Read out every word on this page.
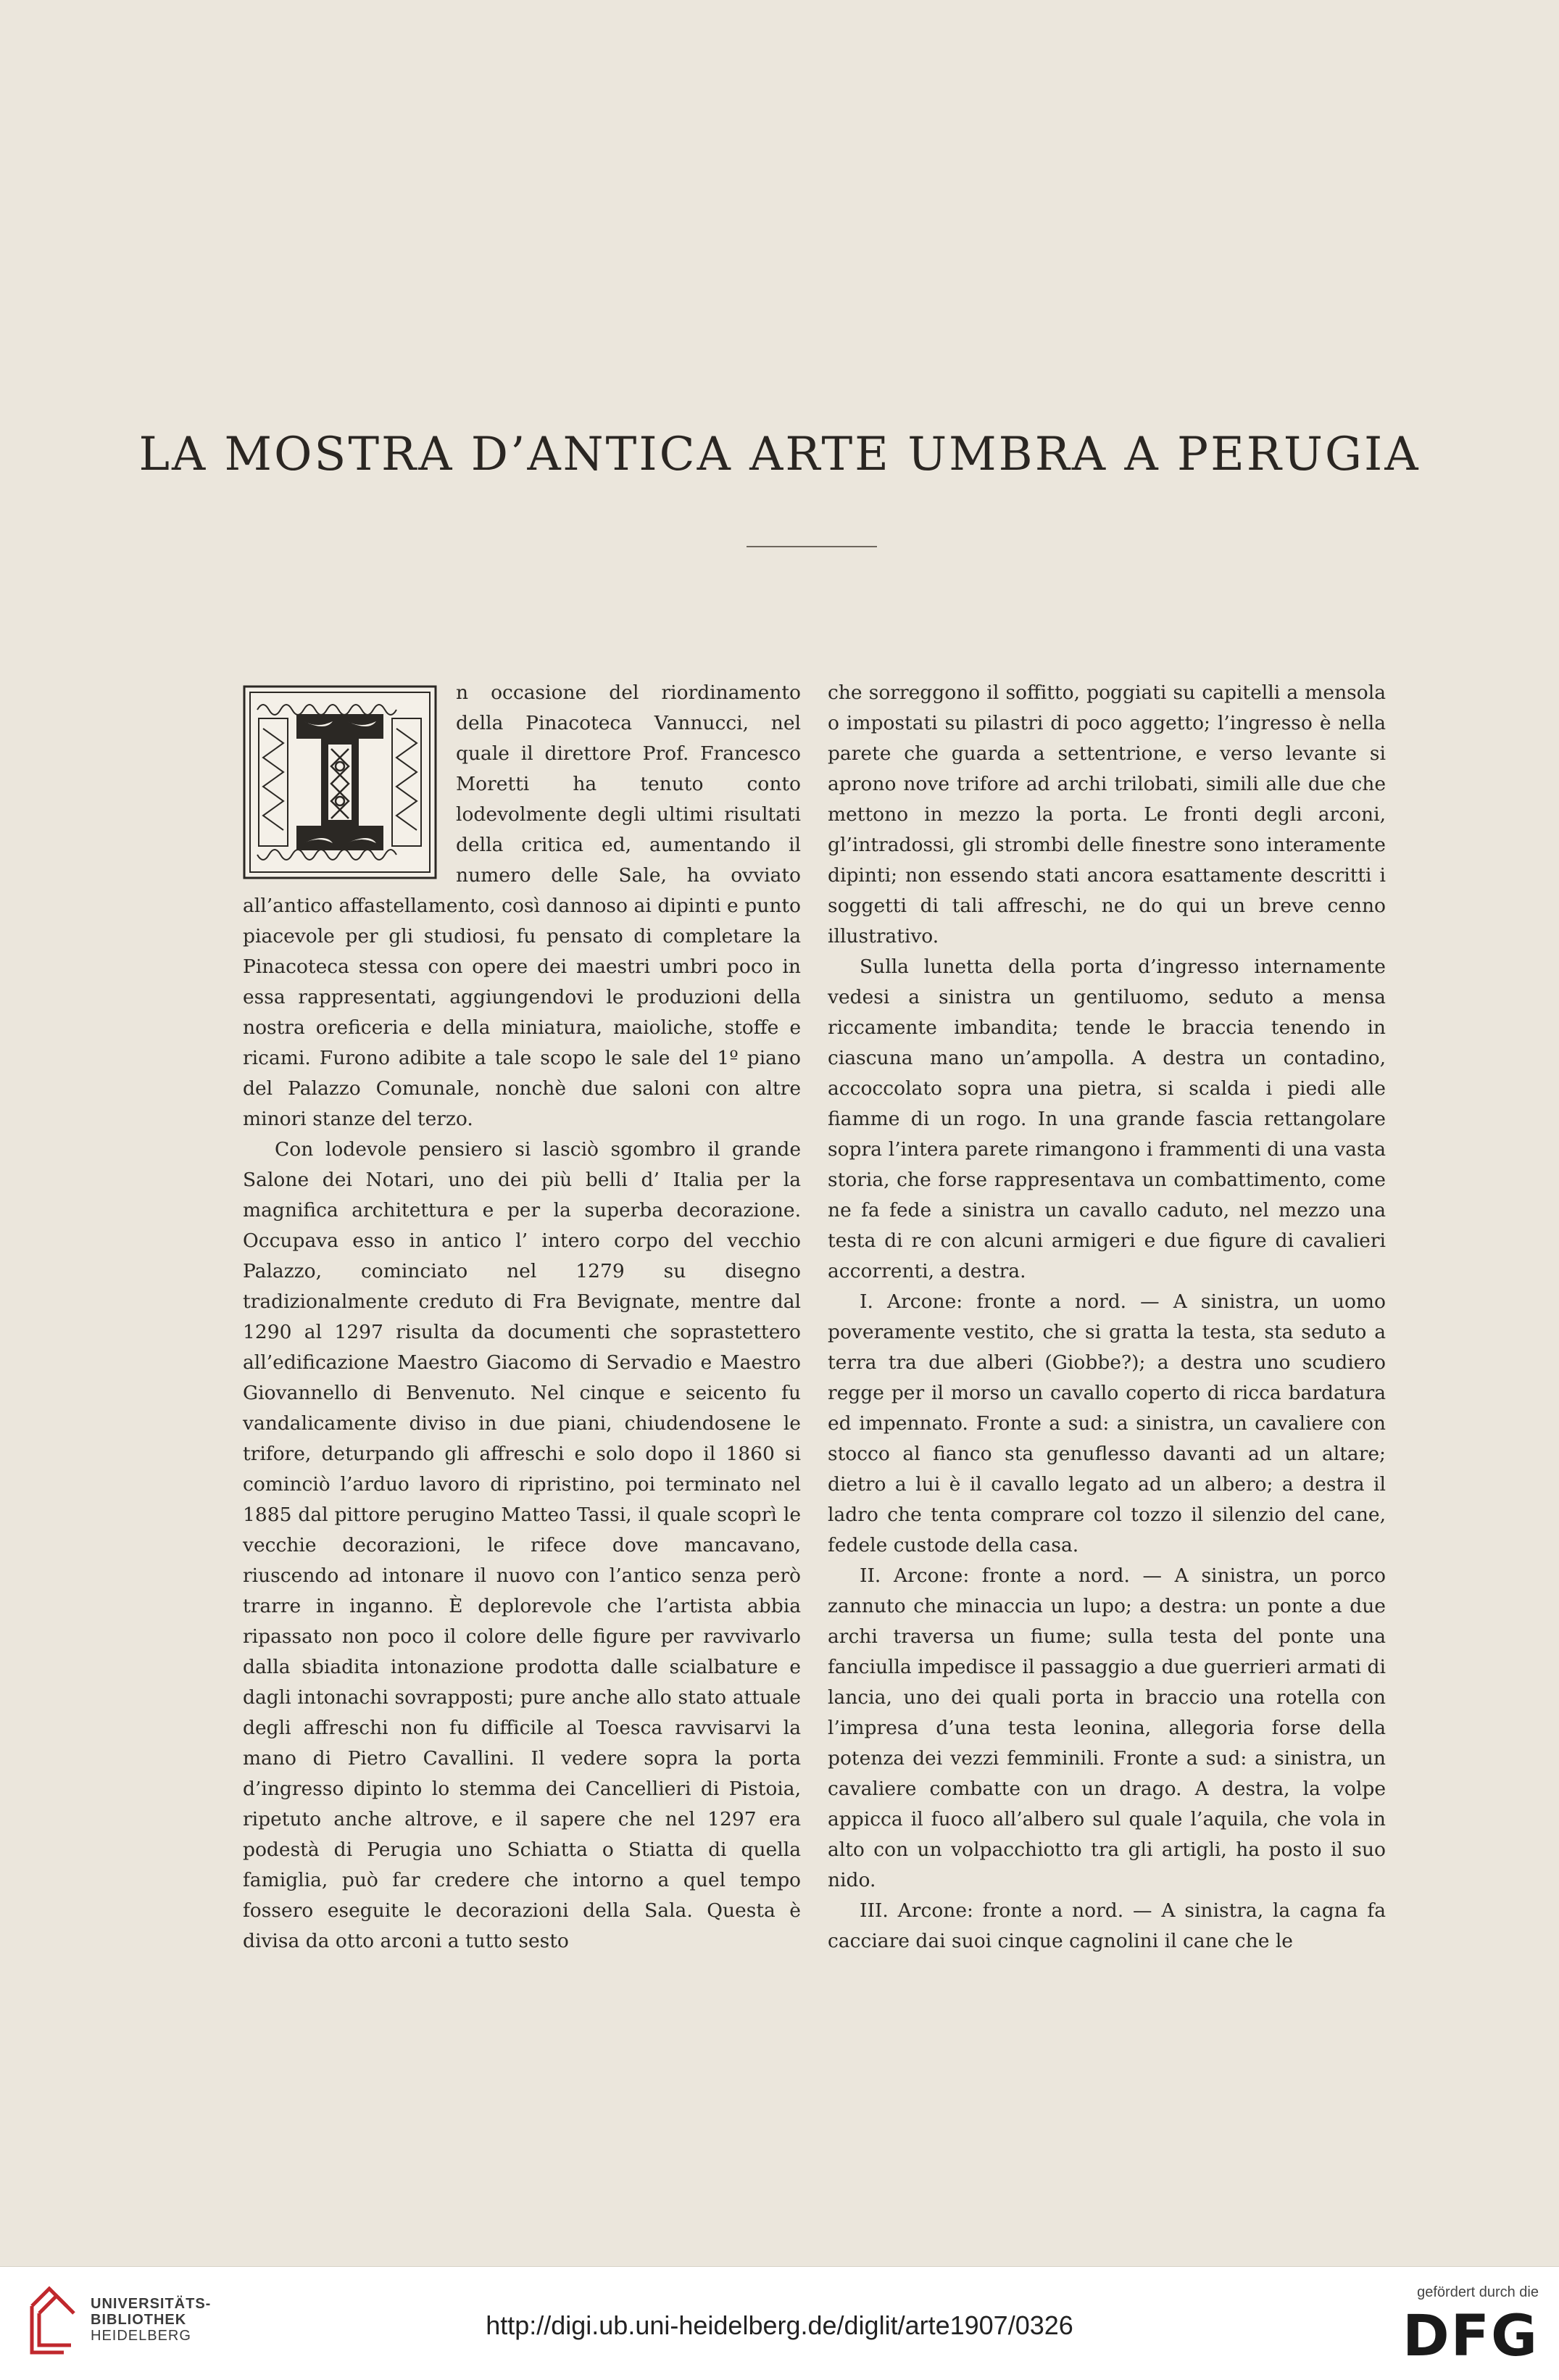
LA MOSTRA D’ANTICA ARTE UMBRA A PERUGIA

n occasione del riordinamento della Pinacoteca Vannucci, nel quale il direttore Prof. Francesco Moretti ha tenuto conto lodevolmente degli ultimi risultati della critica ed, aumentando il numero delle Sale, ha ovviato all’antico affastellamento, così dannoso ai dipinti e punto piacevole per gli studiosi, fu pensato di completare la Pinacoteca stessa con opere dei maestri umbri poco in essa rappresentati, aggiungendovi le produzioni della nostra oreficeria e della miniatura, maioliche, stoffe e ricami. Furono adibite a tale scopo le sale del 1º piano del Palazzo Comunale, nonchè due saloni con altre minori stanze del terzo.

Con lodevole pensiero si lasciò sgombro il grande Salone dei Notari, uno dei più belli d’ Italia per la magnifica architettura e per la superba decorazione. Occupava esso in antico l’ intero corpo del vecchio Palazzo, cominciato nel 1279 su disegno tradizionalmente creduto di Fra Bevignate, mentre dal 1290 al 1297 risulta da documenti che soprastettero all’edificazione Maestro Giacomo di Servadio e Maestro Giovannello di Benvenuto. Nel cinque e seicento fu vandalicamente diviso in due piani, chiudendosene le trifore, deturpando gli affreschi e solo dopo il 1860 si cominciò l’arduo lavoro di ripristino, poi terminato nel 1885 dal pittore perugino Matteo Tassi, il quale scoprì le vecchie decorazioni, le rifece dove mancavano, riuscendo ad intonare il nuovo con l’antico senza però trarre in inganno. È deplorevole che l’artista abbia ripassato non poco il colore delle figure per ravvivarlo dalla sbiadita intonazione prodotta dalle scialbature e dagli intonachi sovrapposti; pure anche allo stato attuale degli affreschi non fu difficile al Toesca ravvisarvi la mano di Pietro Cavallini. Il vedere sopra la porta d’ingresso dipinto lo stemma dei Cancellieri di Pistoia, ripetuto anche altrove, e il sapere che nel 1297 era podestà di Perugia uno Schiatta o Stiatta di quella famiglia, può far credere che intorno a quel tempo fossero eseguite le decorazioni della Sala. Questa è divisa da otto arconi a tutto sesto

che sorreggono il soffitto, poggiati su capitelli a mensola o impostati su pilastri di poco aggetto; l’ingresso è nella parete che guarda a settentrione, e verso levante si aprono nove trifore ad archi trilobati, simili alle due che mettono in mezzo la porta. Le fronti degli arconi, gl’intradossi, gli strombi delle finestre sono interamente dipinti; non essendo stati ancora esattamente descritti i soggetti di tali affreschi, ne do qui un breve cenno illustrativo.

Sulla lunetta della porta d’ingresso internamente vedesi a sinistra un gentiluomo, seduto a mensa riccamente imbandita; tende le braccia tenendo in ciascuna mano un’ampolla. A destra un contadino, accoccolato sopra una pietra, si scalda i piedi alle fiamme di un rogo. In una grande fascia rettangolare sopra l’intera parete rimangono i frammenti di una vasta storia, che forse rappresentava un combattimento, come ne fa fede a sinistra un cavallo caduto, nel mezzo una testa di re con alcuni armigeri e due figure di cavalieri accorrenti, a destra.

I. Arcone: fronte a nord. — A sinistra, un uomo poveramente vestito, che si gratta la testa, sta seduto a terra tra due alberi (Giobbe?); a destra uno scudiero regge per il morso un cavallo coperto di ricca bardatura ed impennato. Fronte a sud: a sinistra, un cavaliere con stocco al fianco sta genuflesso davanti ad un altare; dietro a lui è il cavallo legato ad un albero; a destra il ladro che tenta comprare col tozzo il silenzio del cane, fedele custode della casa.

II. Arcone: fronte a nord. — A sinistra, un porco zannuto che minaccia un lupo; a destra: un ponte a due archi traversa un fiume; sulla testa del ponte una fanciulla impedisce il passaggio a due guerrieri armati di lancia, uno dei quali porta in braccio una rotella con l’impresa d’una testa leonina, allegoria forse della potenza dei vezzi femminili. Fronte a sud: a sinistra, un cavaliere combatte con un drago. A destra, la volpe appicca il fuoco all’albero sul quale l’aquila, che vola in alto con un volpacchiotto tra gli artigli, ha posto il suo nido.

III. Arcone: fronte a nord. — A sinistra, la cagna fa cacciare dai suoi cinque cagnolini il cane che le

UNIVERSITÄTS-
BIBLIOTHEK
HEIDELBERG	http://digi.ub.uni-heidelberg.de/diglit/arte1907/0326
gefördert durch die
DFG
